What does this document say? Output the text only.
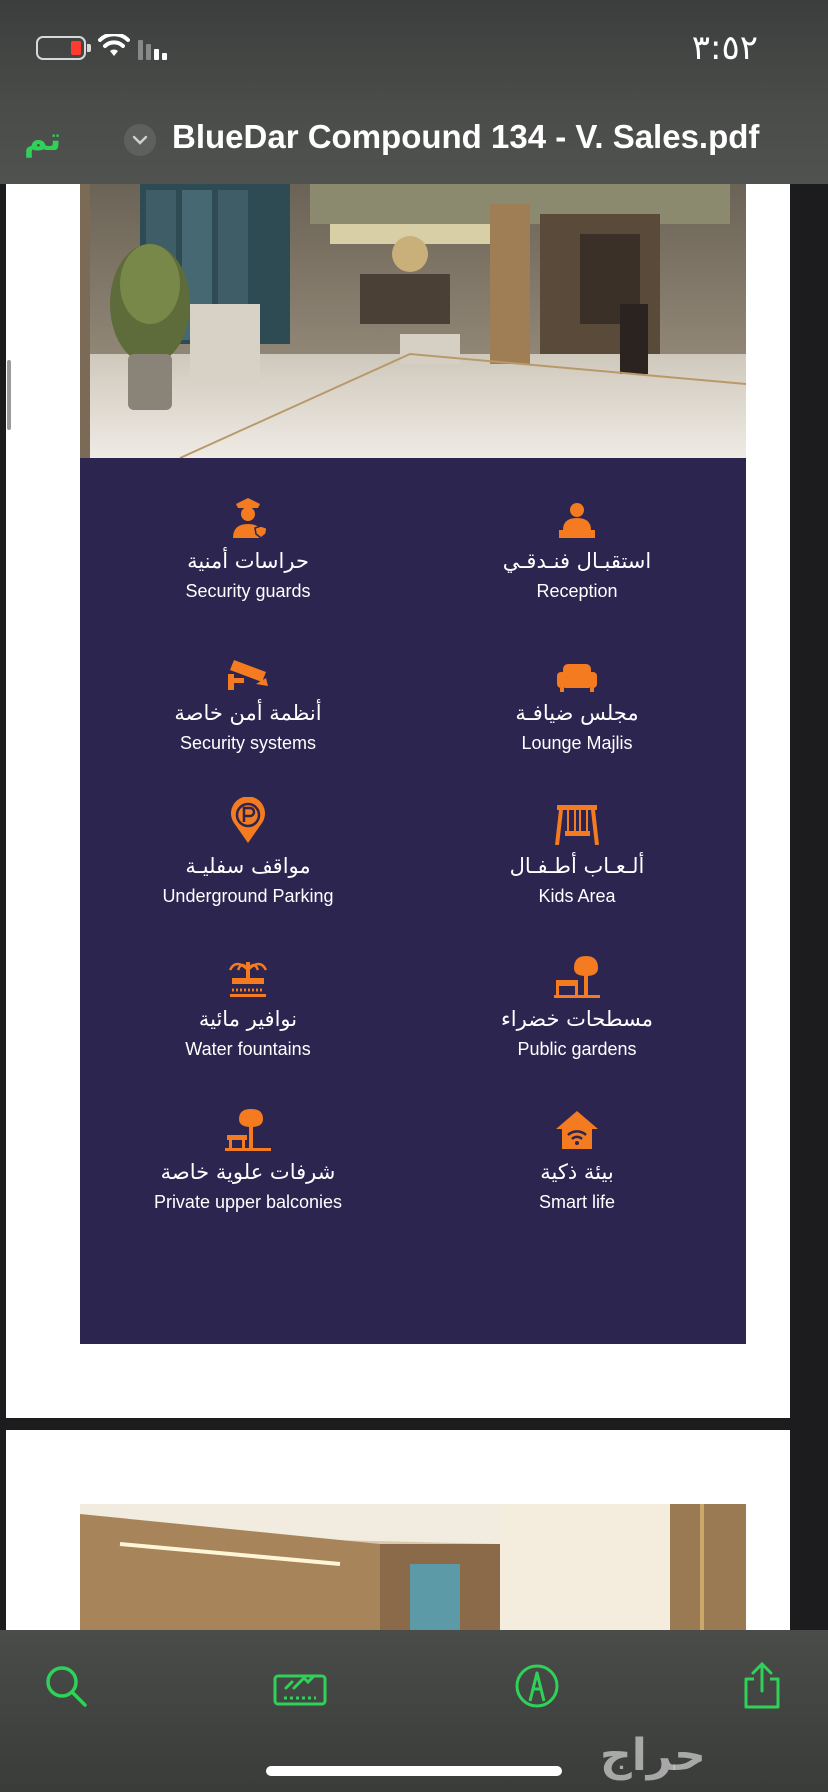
٣:٥٢
تم	BlueDar Compound 134 - V. Sales.pdf
حراسات أمنية
Security guards
استقبـال فنـدقـي
Reception
أنظمة أمن خاصة
Security systems
مجلس ضيافـة
Lounge Majlis
مواقف سفليـة
Underground Parking
ألـعـاب أطـفـال
Kids Area
نوافير مائية
Water fountains
مسطحات خضراء
Public gardens
شرفات علوية خاصة
Private upper balconies
بيئة ذكية
Smart life
حراج
